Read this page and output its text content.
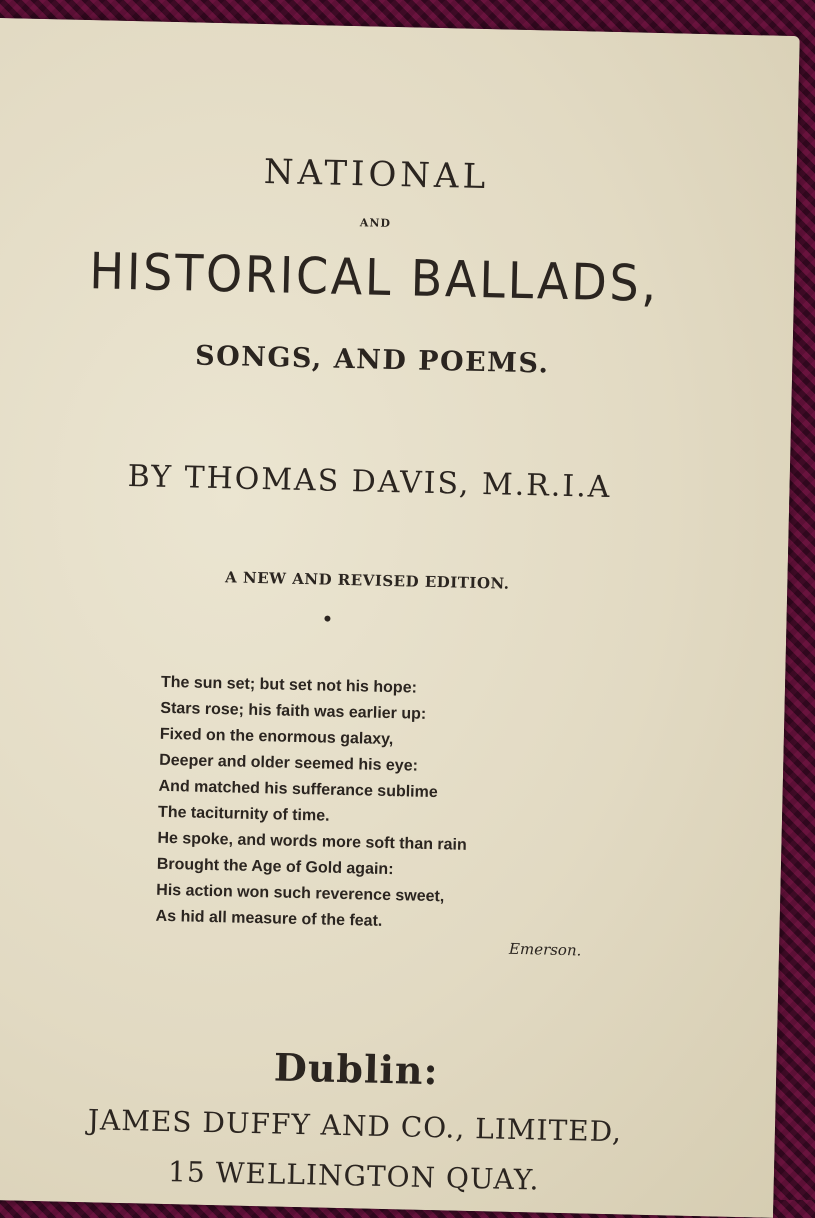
NATIONAL
AND
HISTORICAL BALLADS,
SONGS, AND POEMS.
BY THOMAS DAVIS, M.R.I.A
A NEW AND REVISED EDITION.
The sun set; but set not his hope:
Stars rose; his faith was earlier up:
Fixed on the enormous galaxy,
Deeper and older seemed his eye:
And matched his sufferance sublime
The taciturnity of time.
He spoke, and words more soft than rain
Brought the Age of Gold again:
His action won such reverence sweet,
As hid all measure of the feat.
Emerson.
Dublin:
JAMES DUFFY AND CO., LIMITED,
15 WELLINGTON QUAY.
